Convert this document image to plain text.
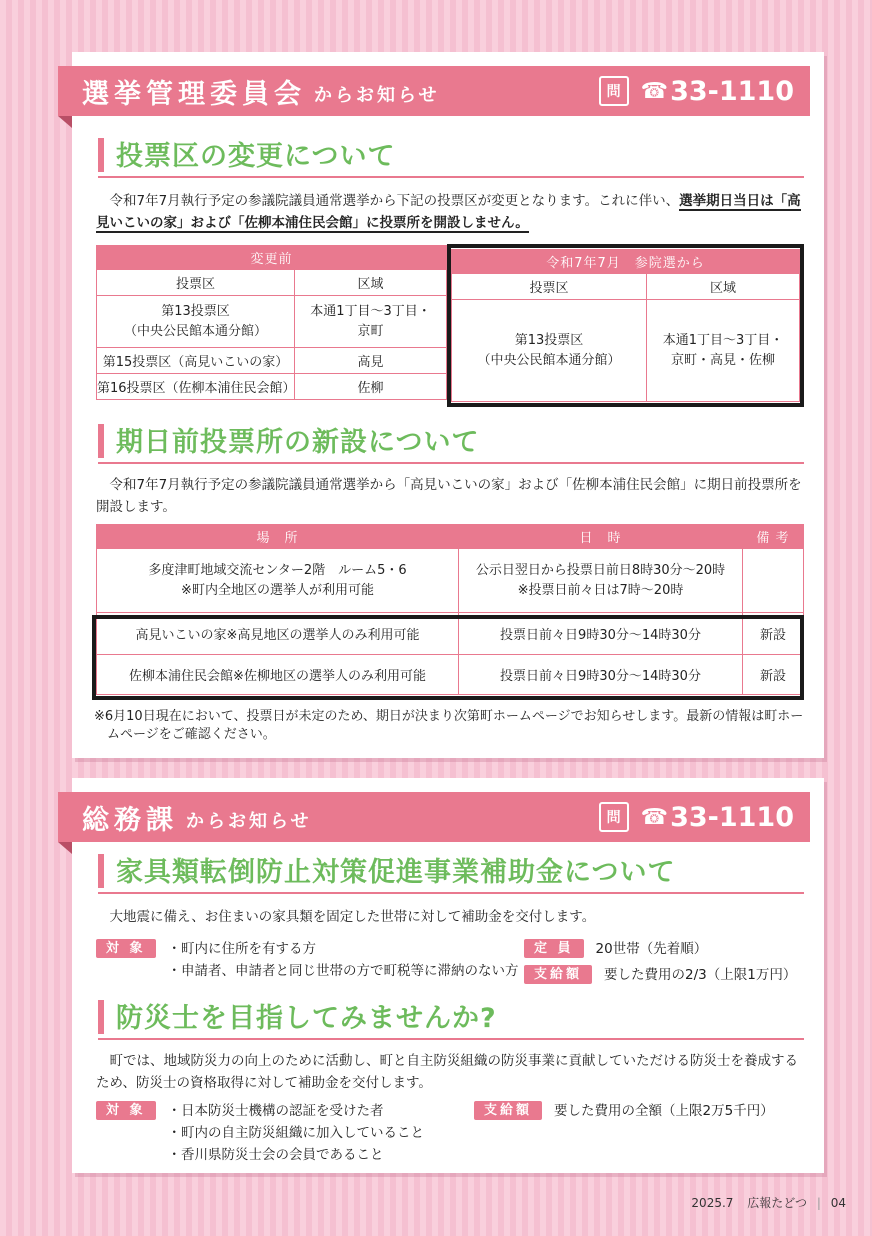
選挙管理委員会 からお知らせ	問 ☎ 33-1110
投票区の変更について
令和7年7月執行予定の参議院議員通常選挙から下記の投票区が変更となります。これに伴い、選挙期日当日は「高見いこいの家」および「佐柳本浦住民会館」に投票所を開設しません。
変更前	
投票区	区域
第13投票区
（中央公民館本通分館）	本通1丁目～3丁目・
京町
第15投票区（高見いこいの家）	高見
第16投票区（佐柳本浦住民会館）	佐柳
令和7年7月　参院選から	
投票区	区域
第13投票区
（中央公民館本通分館）	本通1丁目～3丁目・
京町・高見・佐柳
期日前投票所の新設について
令和7年7月執行予定の参議院議員通常選挙から「高見いこいの家」および「佐柳本浦住民会館」に期日前投票所を開設します。
場　所	日　時	備 考
多度津町地域交流センター2階　ルーム5・6
※町内全地区の選挙人が利用可能	公示日翌日から投票日前日8時30分～20時
※投票日前々日は7時～20時	
高見いこいの家※高見地区の選挙人のみ利用可能	投票日前々日9時30分～14時30分	新設
佐柳本浦住民会館※佐柳地区の選挙人のみ利用可能	投票日前々日9時30分～14時30分	新設
※6月10日現在において、投票日が未定のため、期日が決まり次第町ホームページでお知らせします。最新の情報は町ホームページをご確認ください。
総務課 からお知らせ	問 ☎ 33-1110
家具類転倒防止対策促進事業補助金について
大地震に備え、お住まいの家具類を固定した世帯に対して補助金を交付します。
対 象	・町内に住所を有する方
・申請者、申請者と同じ世帯の方で町税等に滞納のない方
定 員	20世帯（先着順）
支給額	要した費用の2/3（上限1万円）
防災士を目指してみませんか?
町では、地域防災力の向上のために活動し、町と自主防災組織の防災事業に貢献していただける防災士を養成するため、防災士の資格取得に対して補助金を交付します。
対 象	・日本防災士機構の認証を受けた者
・町内の自主防災組織に加入していること
・香川県防災士会の会員であること
支給額	要した費用の全額（上限2万5千円）
2025.7 広報たどつ | 04
